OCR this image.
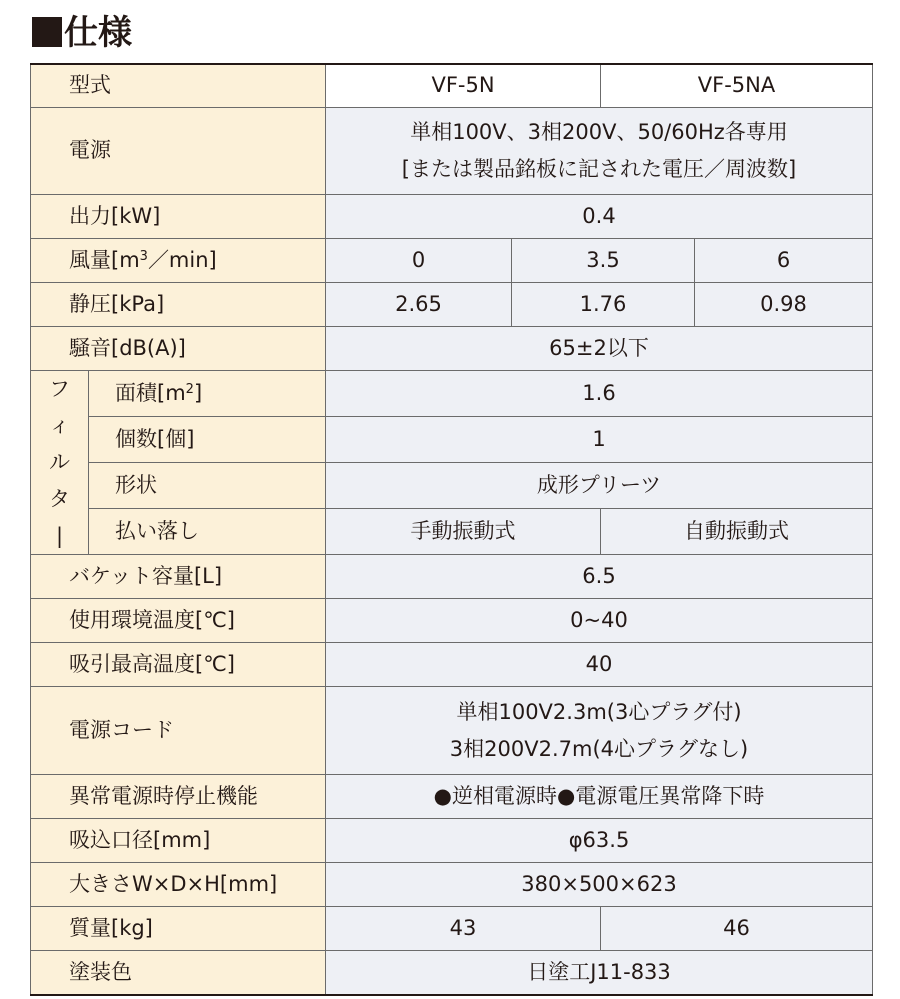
仕様
型式		VF-5N		VF-5NA	
電源		単相100V、3相200V、50/60Hz各専用
[または製品銘板に記された電圧／周波数]			

出力[kW]		0.4			
風量$[m^3/\min]$		0	3.5		6
静圧[kPa]		2.65	1.76		0.98
騒音[dB(A)]		65±2以下			

フ
ィ
ル
タ
|	面積$[m^2]$	1.6			
	個数[個]	1			
	形状	成形プリーツ			
	払い落し	手動振動式		自動振動式	
バケット容量[L]		6.5			
使用環境温度[℃]		0~40			
吸引最高温度[℃]		40			
電源コード		単相100V2.3m(3心プラグ付)
3相200V2.7m(4心プラグなし)			

異常電源時停止機能		●逆相電源時●電源電圧異常降下時			
吸込口径[mm]		φ63.5			
大きさW×D×H[mm]		380×500×623			
質量[kg]		43		46	
塗装色		日塗工J11-833			
